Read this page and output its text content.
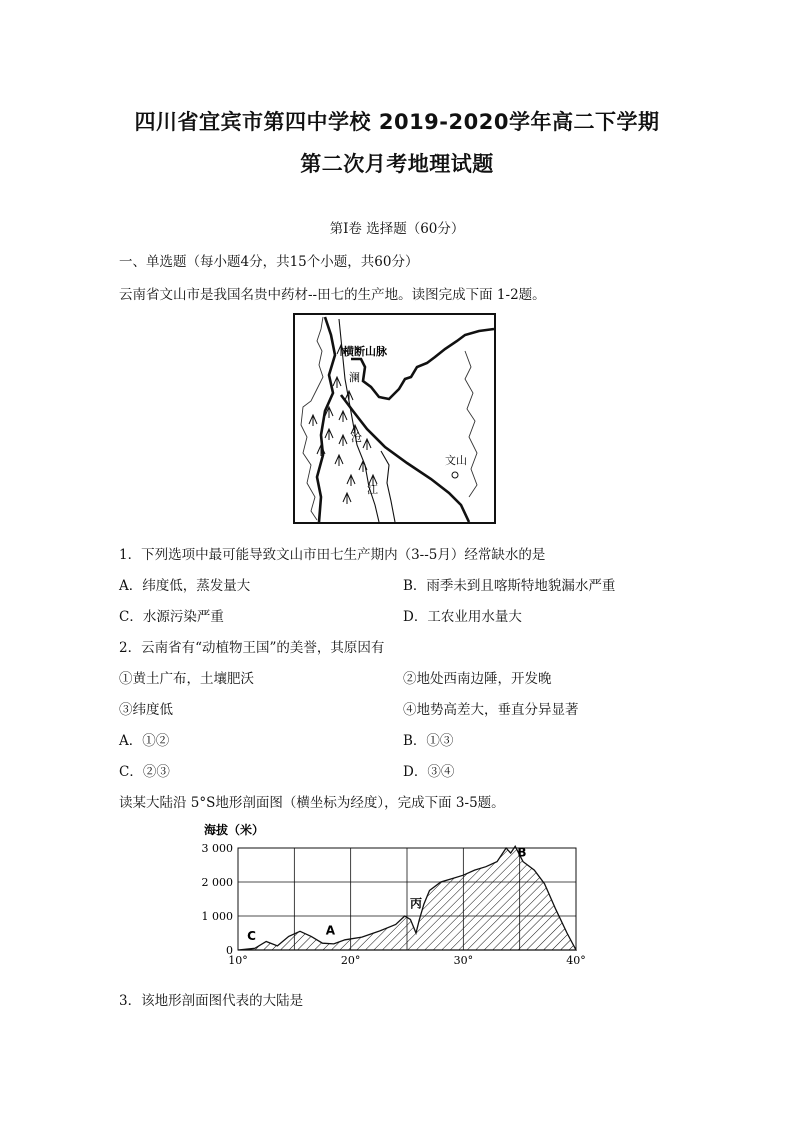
四川省宜宾市第四中学校 2019-2020学年高二下学期
第二次月考地理试题
第Ⅰ卷 选择题（60分）
一、单选题（每小题4分，共15个小题，共60分）
云南省文山市是我国名贵中药材--田七的生产地。读图完成下面 1-2题。
横断山脉
澜
沧
江
文山
1．下列选项中最可能导致文山市田七生产期内（3--5月）经常缺水的是
A．纬度低，蒸发量大	B．雨季未到且喀斯特地貌漏水严重
C．水源污染严重	D．工农业用水量大
2．云南省有“动植物王国”的美誉，其原因有
①黄土广布，土壤肥沃	②地处西南边陲，开发晚
③纬度低	④地势高差大，垂直分异显著
A．①②	B．①③
C．②③	D．③④
读某大陆沿 5°S地形剖面图（横坐标为经度），完成下面 3-5题。
海拔（米）
3 000
2 000
1 000
0
10°	20°	30°	40°
C	A
丙
B
3．该地形剖面图代表的大陆是
